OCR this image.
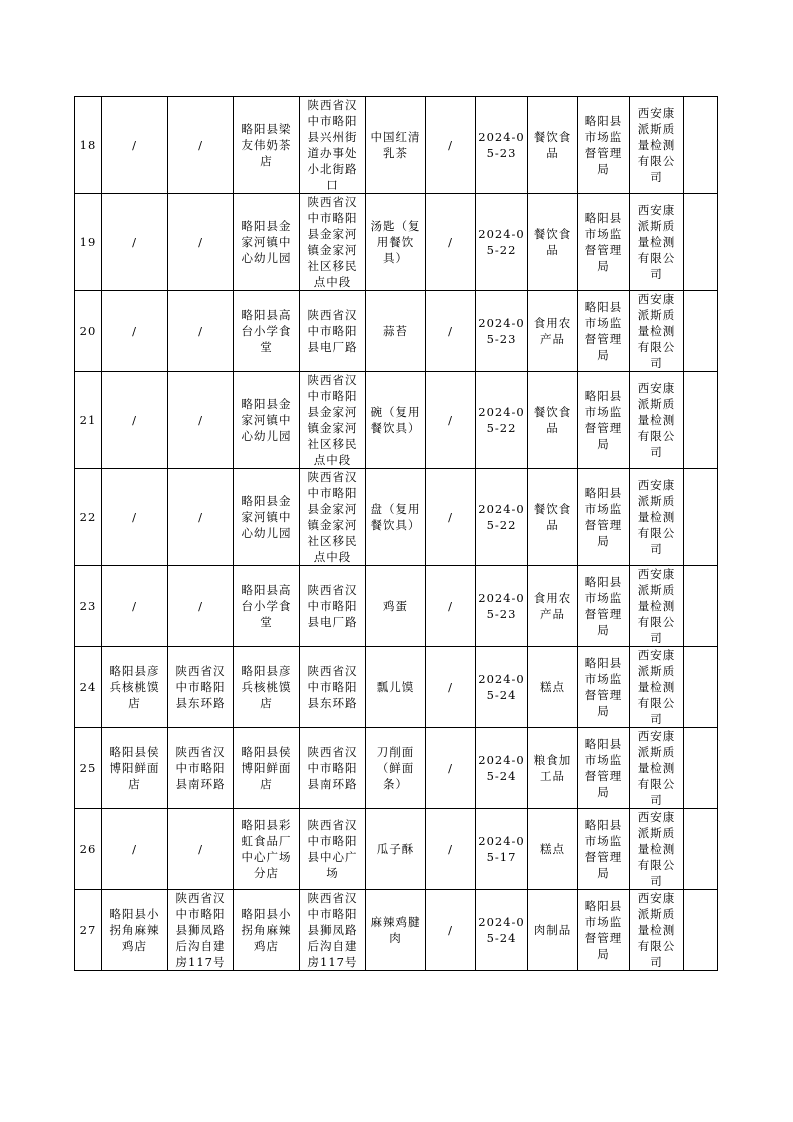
18	/	/	略阳县梁友伟奶茶店	陕西省汉中市略阳县兴州街道办事处小北街路口	中国红清乳茶	/	2024-05-23	餐饮食品	略阳县市场监督管理局	西安康派斯质量检测有限公司	
19	/	/	略阳县金家河镇中心幼儿园	陕西省汉中市略阳县金家河镇金家河社区移民点中段	汤匙（复用餐饮具）	/	2024-05-22	餐饮食品	略阳县市场监督管理局	西安康派斯质量检测有限公司	
20	/	/	略阳县高台小学食堂	陕西省汉中市略阳县电厂路	蒜苔	/	2024-05-23	食用农产品	略阳县市场监督管理局	西安康派斯质量检测有限公司	
21	/	/	略阳县金家河镇中心幼儿园	陕西省汉中市略阳县金家河镇金家河社区移民点中段	碗（复用餐饮具）	/	2024-05-22	餐饮食品	略阳县市场监督管理局	西安康派斯质量检测有限公司	
22	/	/	略阳县金家河镇中心幼儿园	陕西省汉中市略阳县金家河镇金家河社区移民点中段	盘（复用餐饮具）	/	2024-05-22	餐饮食品	略阳县市场监督管理局	西安康派斯质量检测有限公司	
23	/	/	略阳县高台小学食堂	陕西省汉中市略阳县电厂路	鸡蛋	/	2024-05-23	食用农产品	略阳县市场监督管理局	西安康派斯质量检测有限公司	
24	略阳县彦兵核桃馍店	陕西省汉中市略阳县东环路	略阳县彦兵核桃馍店	陕西省汉中市略阳县东环路	瓢儿馍	/	2024-05-24	糕点	略阳县市场监督管理局	西安康派斯质量检测有限公司	
25	略阳县侯博阳鲜面店	陕西省汉中市略阳县南环路	略阳县侯博阳鲜面店	陕西省汉中市略阳县南环路	刀削面（鲜面条）	/	2024-05-24	粮食加工品	略阳县市场监督管理局	西安康派斯质量检测有限公司	
26	/	/	略阳县彩虹食品厂中心广场分店	陕西省汉中市略阳县中心广场	瓜子酥	/	2024-05-17	糕点	略阳县市场监督管理局	西安康派斯质量检测有限公司	
27	略阳县小拐角麻辣鸡店	陕西省汉中市略阳县狮凤路后沟自建房117号	略阳县小拐角麻辣鸡店	陕西省汉中市略阳县狮凤路后沟自建房117号	麻辣鸡腱肉	/	2024-05-24	肉制品	略阳县市场监督管理局	西安康派斯质量检测有限公司	
